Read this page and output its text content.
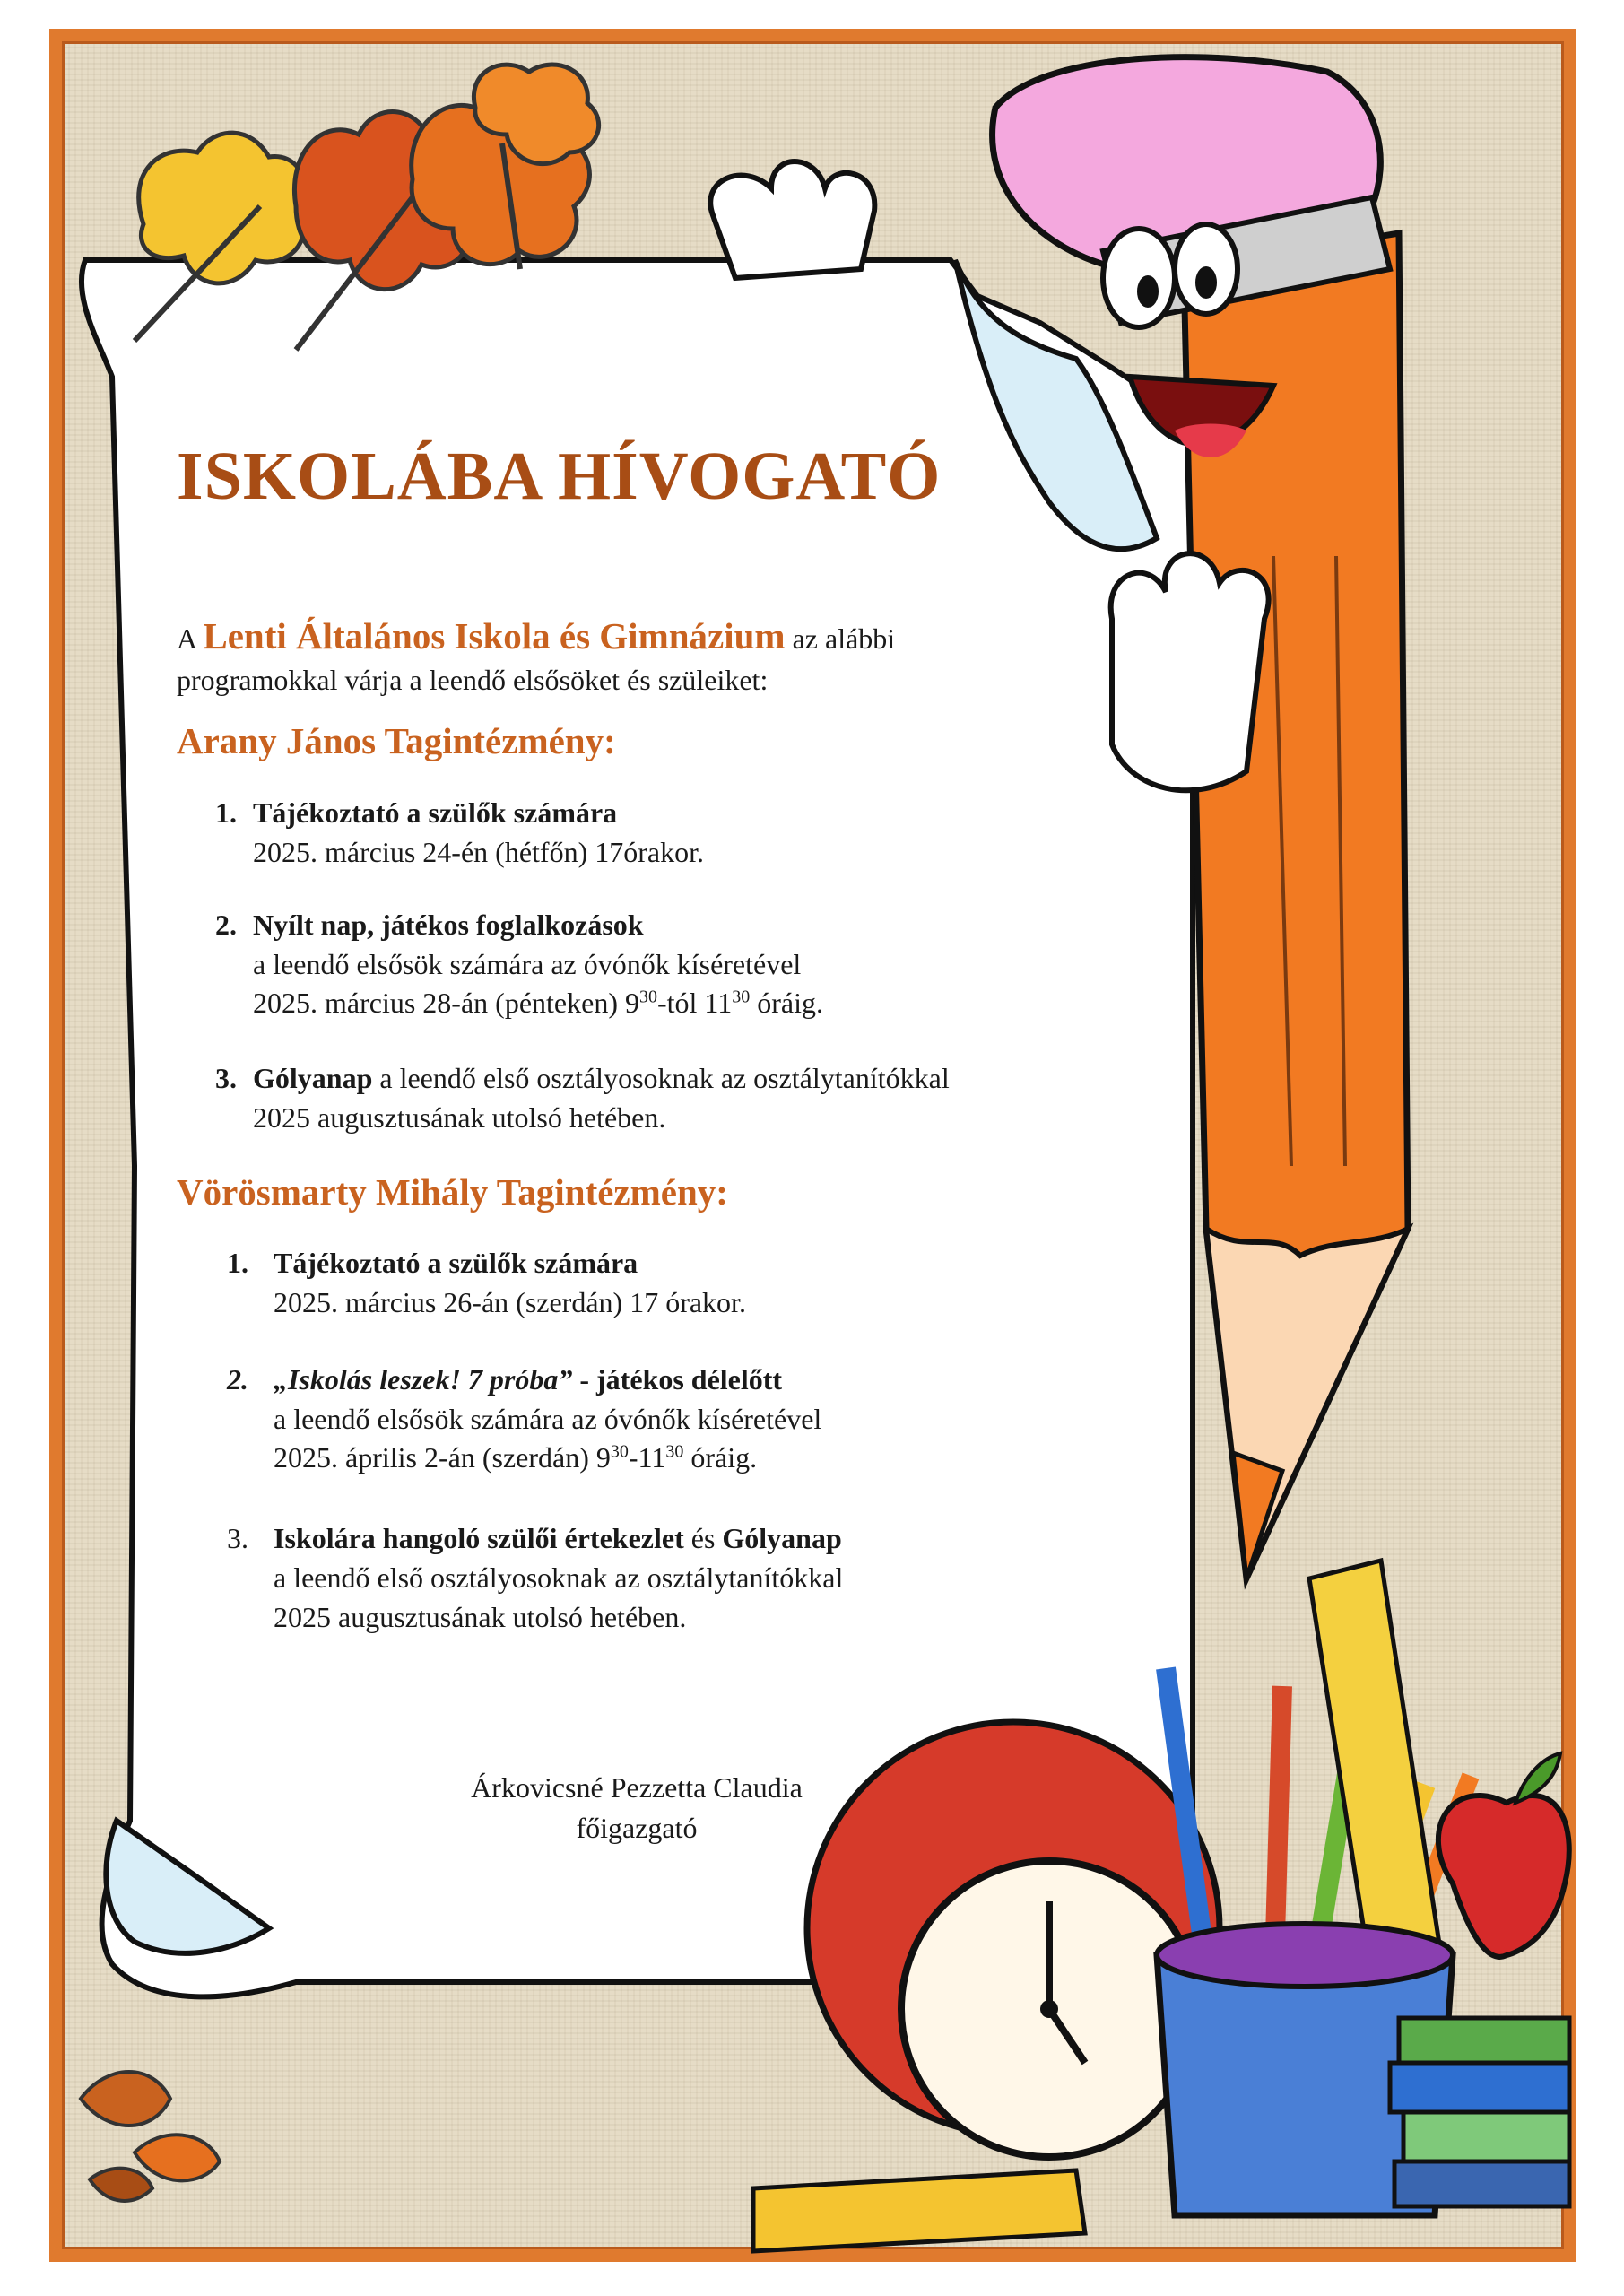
ISKOLÁBA HÍVOGATÓ

A Lenti Általános Iskola és Gimnázium az alábbi

programokkal várja a leendő elsősöket és szüleiket:

Arany János Tagintézmény:
1. Tájékoztató a szülők számára
2025. március 24-én (hétfőn) 17órakor.
2. Nyílt nap, játékos foglalkozások
a leendő elsősök számára az óvónők kíséretével
2025. március 28-án (pénteken) $9^{30}$-tól $11^{30}$ óráig.
3. Gólyanap a leendő első osztályosoknak az osztálytanítókkal
2025 augusztusának utolsó hetében.
Vörösmarty Mihály Tagintézmény:
1. Tájékoztató a szülők számára
2025. március 26-án (szerdán) 17 órakor.
2. „Iskolás leszek! 7 próba” - játékos délelőtt
a leendő elsősök számára az óvónők kíséretével
2025. április 2-án (szerdán) $9^{30}-11^{30}$ óráig.
3. Iskolára hangoló szülői értekezlet és Gólyanap
a leendő első osztályosoknak az osztálytanítókkal
2025 augusztusának utolsó hetében.

Árkovicsné Pezzetta Claudia

főigazgató
